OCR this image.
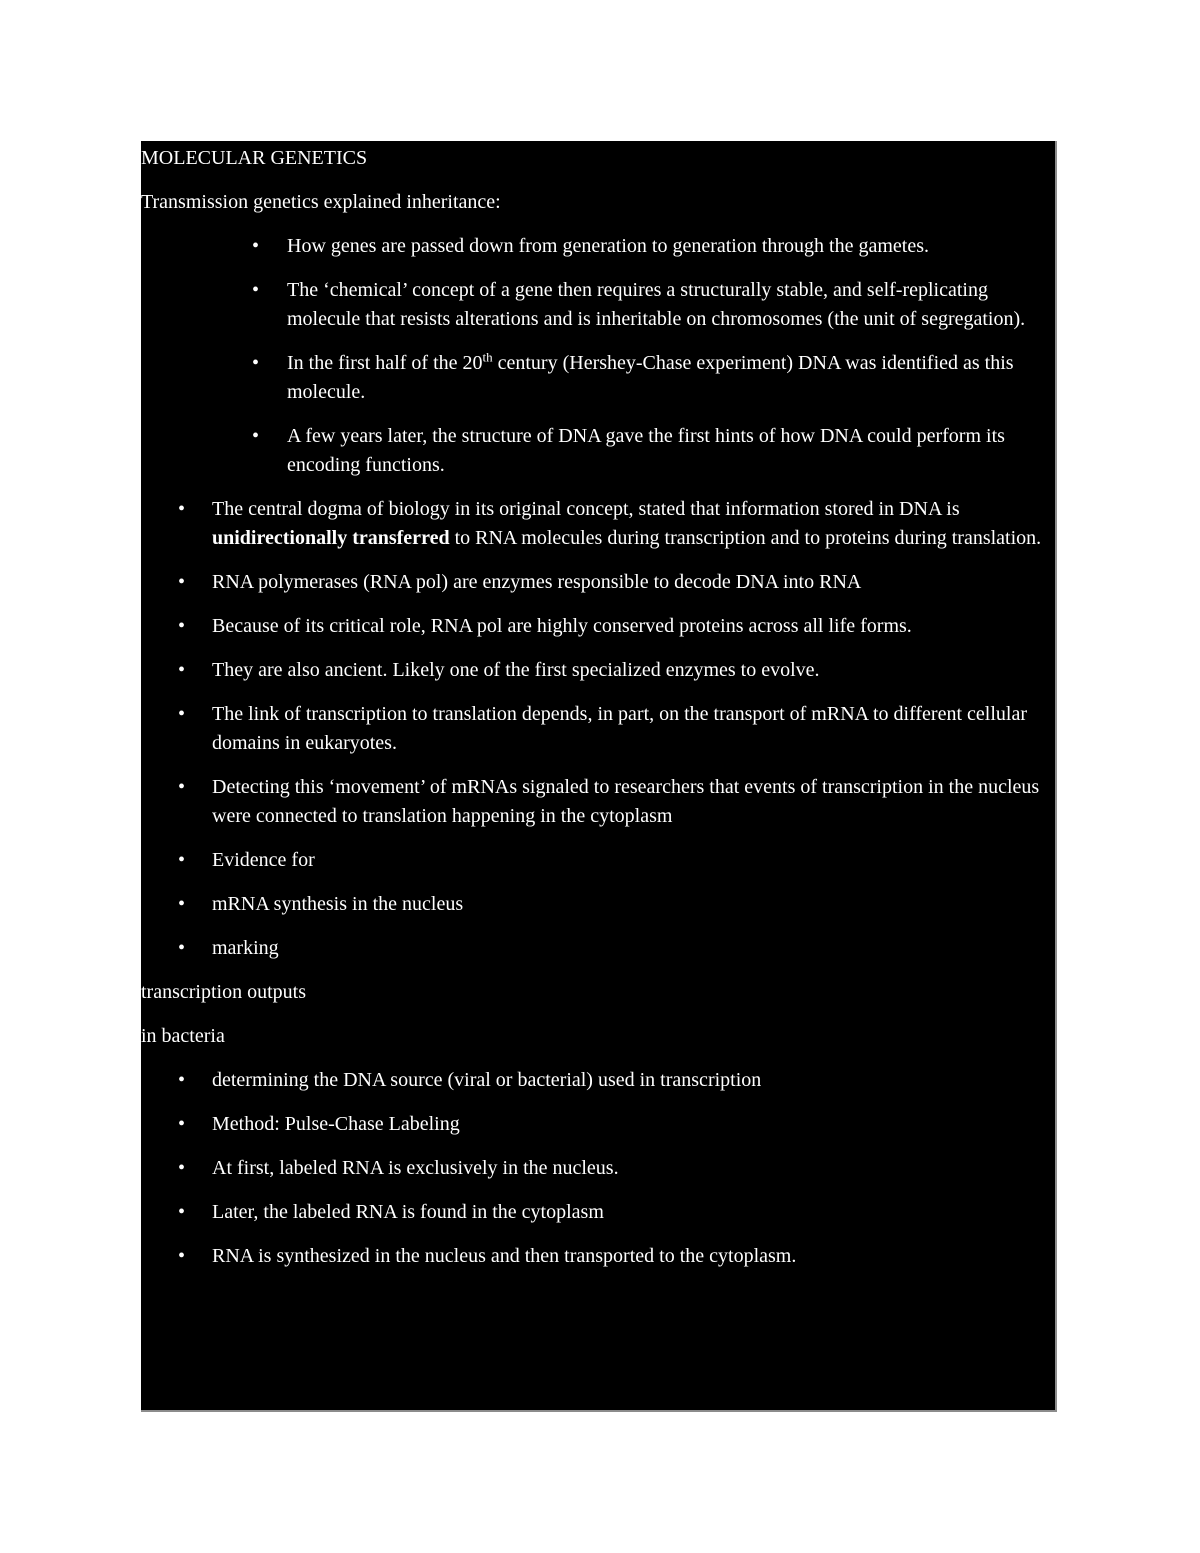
MOLECULAR GENETICS
Transmission genetics explained inheritance:
•	How genes are passed down from generation to generation through the gametes.
•	The ‘chemical’ concept of a gene then requires a structurally stable, and self-replicating molecule that resists alterations and is inheritable on chromosomes (the unit of segregation).
•	In the first half of the 20th century (Hershey-Chase experiment) DNA was identified as this molecule.
•	A few years later, the structure of DNA gave the first hints of how DNA could perform its encoding functions.
•	The central dogma of biology in its original concept, stated that information stored in DNA is unidirectionally transferred to RNA molecules during transcription and to proteins during translation.
•	RNA polymerases (RNA pol) are enzymes responsible to decode DNA into RNA
•	Because of its critical role, RNA pol are highly conserved proteins across all life forms.
•	They are also ancient. Likely one of the first specialized enzymes to evolve.
•	The link of transcription to translation depends, in part, on the transport of mRNA to different cellular domains in eukaryotes.
•	Detecting this ‘movement’ of mRNAs signaled to researchers that events of transcription in the nucleus were connected to translation happening in the cytoplasm
•	Evidence for
•	mRNA synthesis in the nucleus
•	marking
transcription outputs
in bacteria
•	determining the DNA source (viral or bacterial) used in transcription
•	Method: Pulse-Chase Labeling
•	At first, labeled RNA is exclusively in the nucleus.
•	Later, the labeled RNA is found in the cytoplasm
•	RNA is synthesized in the nucleus and then transported to the cytoplasm.
